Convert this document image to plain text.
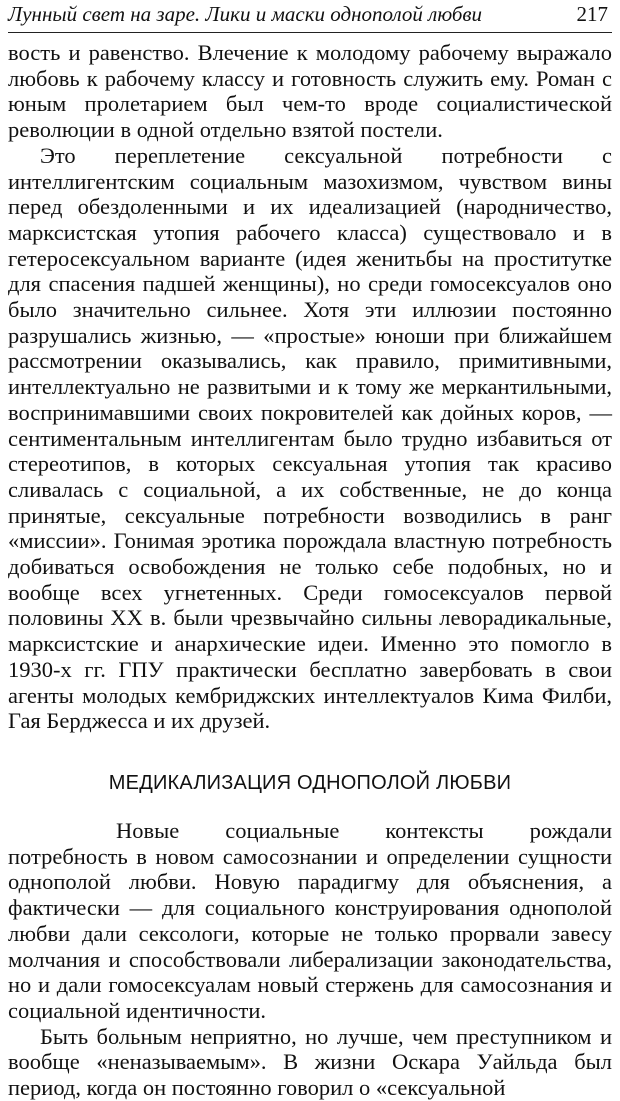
Лунный свет на заре. Лики и маски однополой любви	217

вость и равенство. Влечение к молодому рабочему выражало любовь к рабочему классу и готовность служить ему. Роман с юным пролетарием был чем-то вроде социалистической революции в одной отдельно взятой постели.

Это переплетение сексуальной потребности с интеллигентским социальным мазохизмом, чувством вины перед обездоленными и их идеализацией (народничество, марксистская утопия рабочего класса) существовало и в гетеросексуальном варианте (идея женитьбы на проститутке для спасения падшей женщины), но среди гомосексуалов оно было значительно сильнее. Хотя эти иллюзии постоянно разрушались жизнью, — «простые» юноши при ближайшем рассмотрении оказывались, как правило, примитивными, интеллектуально не развитыми и к тому же меркантильными, воспринимавшими своих покровителей как дойных коров, — сентиментальным интеллигентам было трудно избавиться от стереотипов, в которых сексуальная утопия так красиво сливалась с социальной, а их собственные, не до конца принятые, сексуальные потребности возводились в ранг «миссии». Гонимая эротика порождала властную потребность добиваться освобождения не только себе подобных, но и вообще всех угнетенных. Среди гомосексуалов первой половины XX в. были чрезвычайно сильны леворадикальные, марксистские и анархические идеи. Именно это помогло в 1930-х гг. ГПУ практически бесплатно завербовать в свои агенты молодых кембриджских интеллектуалов Кима Филби, Гая Берджесса и их друзей.

МЕДИКАЛИЗАЦИЯ ОДНОПОЛОЙ ЛЮБВИ

Новые социальные контексты рождали потребность в новом самосознании и определении сущности однополой любви. Новую парадигму для объяснения, а фактически — для социального конструирования однополой любви дали сексологи, которые не только прорвали завесу молчания и способствовали либерализации законодательства, но и дали гомосексуалам новый стержень для самосознания и социальной идентичности.

Быть больным неприятно, но лучше, чем преступником и вообще «неназываемым». В жизни Оскара Уайльда был период, когда он постоянно говорил о «сексуальной
